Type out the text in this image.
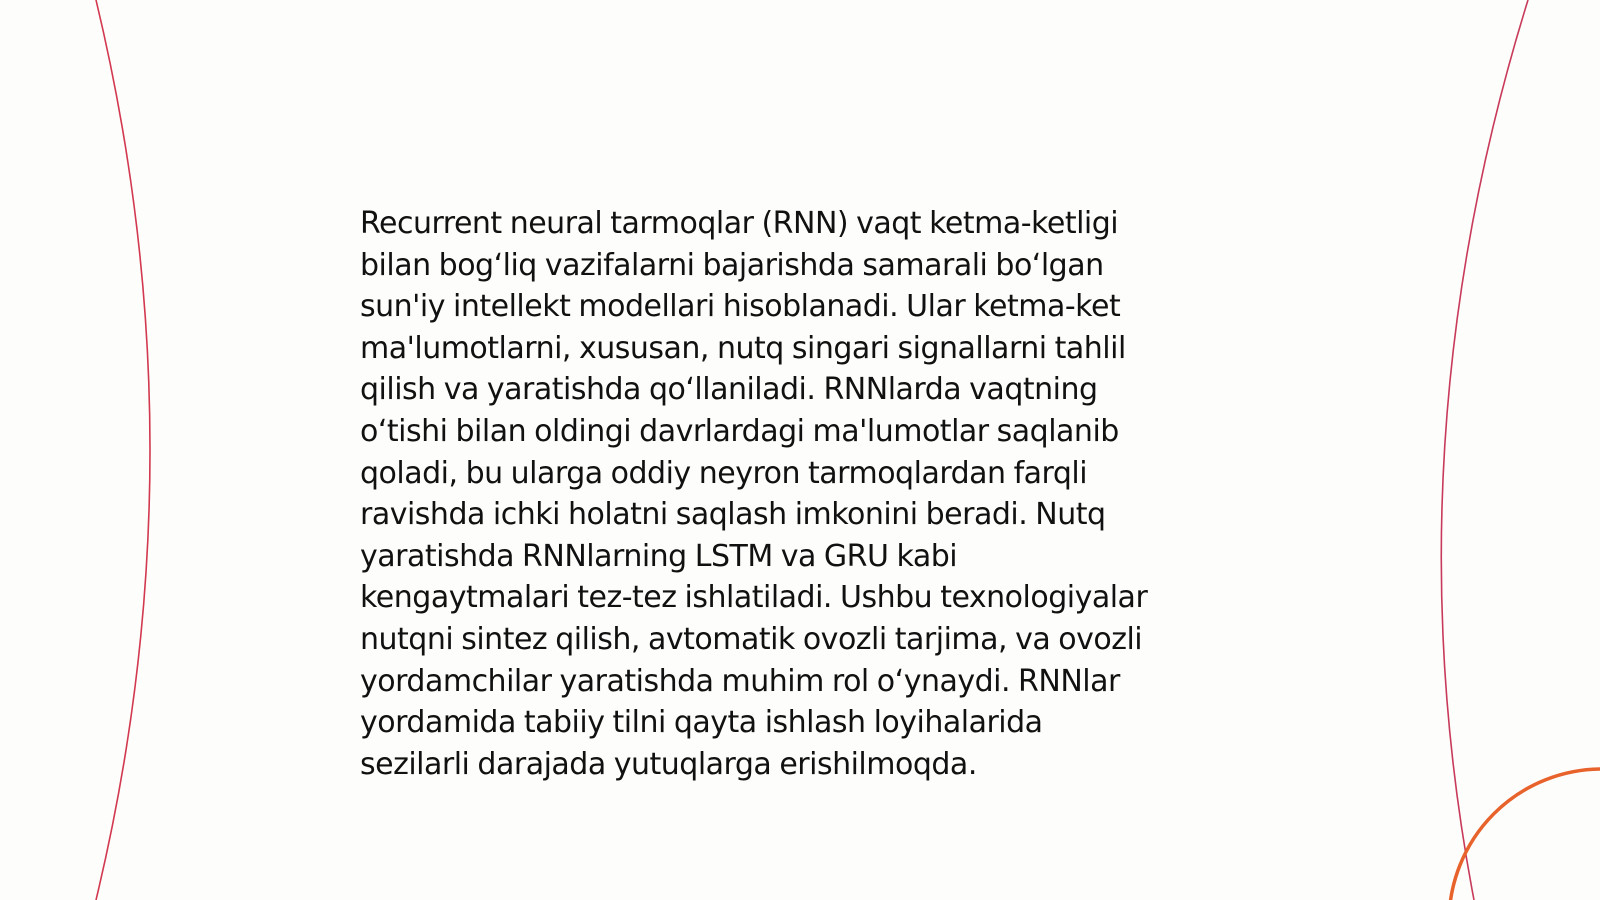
Recurrent neural tarmoqlar (RNN) vaqt ketma-ketligi
bilan bog‘liq vazifalarni bajarishda samarali bo‘lgan
sun'iy intellekt modellari hisoblanadi. Ular ketma-ket
ma'lumotlarni, xususan, nutq singari signallarni tahlil
qilish va yaratishda qo‘llaniladi. RNNlarda vaqtning
o‘tishi bilan oldingi davrlardagi ma'lumotlar saqlanib
qoladi, bu ularga oddiy neyron tarmoqlardan farqli
ravishda ichki holatni saqlash imkonini beradi. Nutq
yaratishda RNNlarning LSTM va GRU kabi
kengaytmalari tez-tez ishlatiladi. Ushbu texnologiyalar
nutqni sintez qilish, avtomatik ovozli tarjima, va ovozli
yordamchilar yaratishda muhim rol o‘ynaydi. RNNlar
yordamida tabiiy tilni qayta ishlash loyihalarida
sezilarli darajada yutuqlarga erishilmoqda.
